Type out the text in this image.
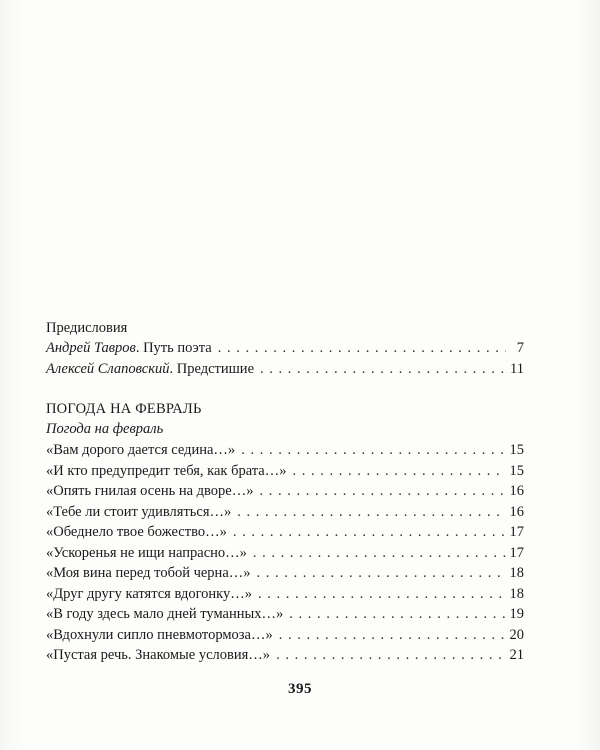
Предисловия
Андрей Тавров. Путь поэта . . .	7
Алексей Слаповский. Предстишие . . .	11
ПОГОДА НА ФЕВРАЛЬ
Погода на февраль
«Вам дорого дается седина…» . . .	15
«И кто предупредит тебя, как брата…» . . .	15
«Опять гнилая осень на дворе…» . . .	16
«Тебе ли стоит удивляться…» . . .	16
«Обеднело твое божество…» . . .	17
«Ускоренья не ищи напрасно…» . . .	17
«Моя вина перед тобой черна…» . . .	18
«Друг другу катятся вдогонку…» . . .	18
«В году здесь мало дней туманных…» . . .	19
«Вдохнули сипло пневмотормоза…» . . .	20
«Пустая речь. Знакомые условия…» . . .	21
395
